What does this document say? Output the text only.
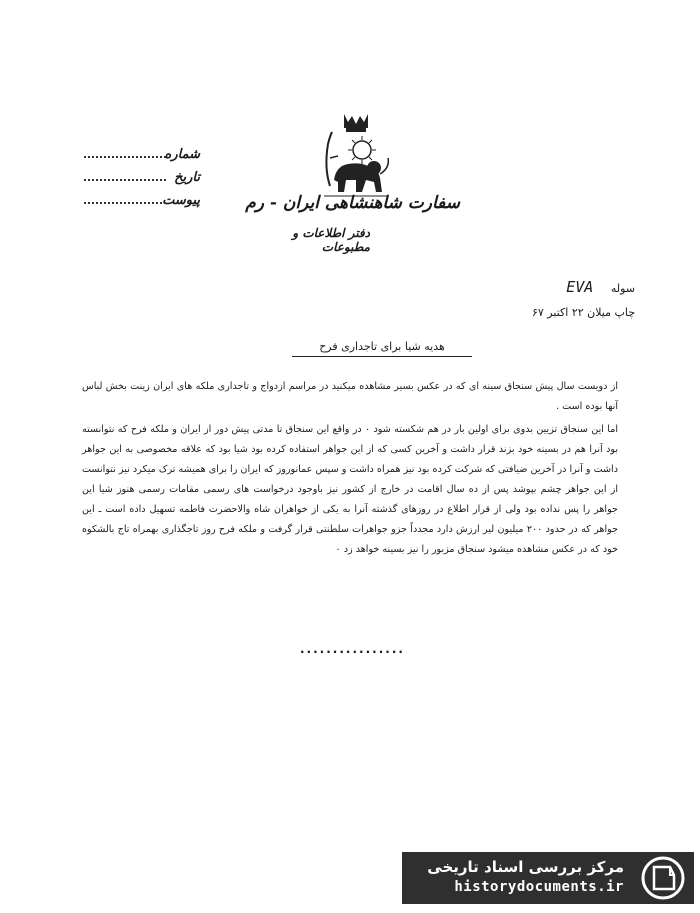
سفارت شاهنشاهی ایران - رم
دفتر اطلاعات و مطبوعات
شماره
تاریخ
پیوست
سوله EVA
چاپ میلان ۲۲ اکتبر ۶۷
هدیه شیا برای تاجداری فرح

از دویست سال پیش سنجاق سینه ای که در عکس بسیر مشاهده میکنید در مراسم ازدواج و تاجداری ملکه های ایران زینت بخش لباس آنها بوده است .

اما این سنجاق تزیین بدوی برای اولین بار در هم شکسته شود ۰ در واقع این سنجاق تا مدتی پیش دور از ایران و ملکه فرح که نتوانسته بود آنرا هم در بسینه خود بزند قرار داشت و آخرین کسی که از این جواهر استفاده کرده بود شیا بود که علاقه مخصوصی به این جواهر داشت و آنرا در آخرین ضیافتی که شرکت کرده بود نیز همراه داشت و سپس عمانوروز که ایران را برای همیشه ترک میکرد نیز نتوانست از این جواهر چشم بپوشد پس از ده سال اقامت در خارج از کشور نیز باوجود درخواست های رسمی مقامات رسمی هنوز شیا این جواهر را پس نداده بود ولی از قرار اطلاع در روزهای گذشته آنرا به یکی از خواهران شاه والاحضرت فاطمه تسهیل داده است ـ این جواهر که در حدود ۲۰۰ میلیون لیر ارزش دارد مجدداً جزو جواهرات سلطنتی قرار گرفت و ملکه فرح روز تاجگذاری بهمراه تاج بالشکوه خود که در عکس مشاهده میشود سنجاق مزبور را نیز بسینه خواهد زد ۰

................
مرکز بررسی اسناد تاریخی
historydocuments.ir
